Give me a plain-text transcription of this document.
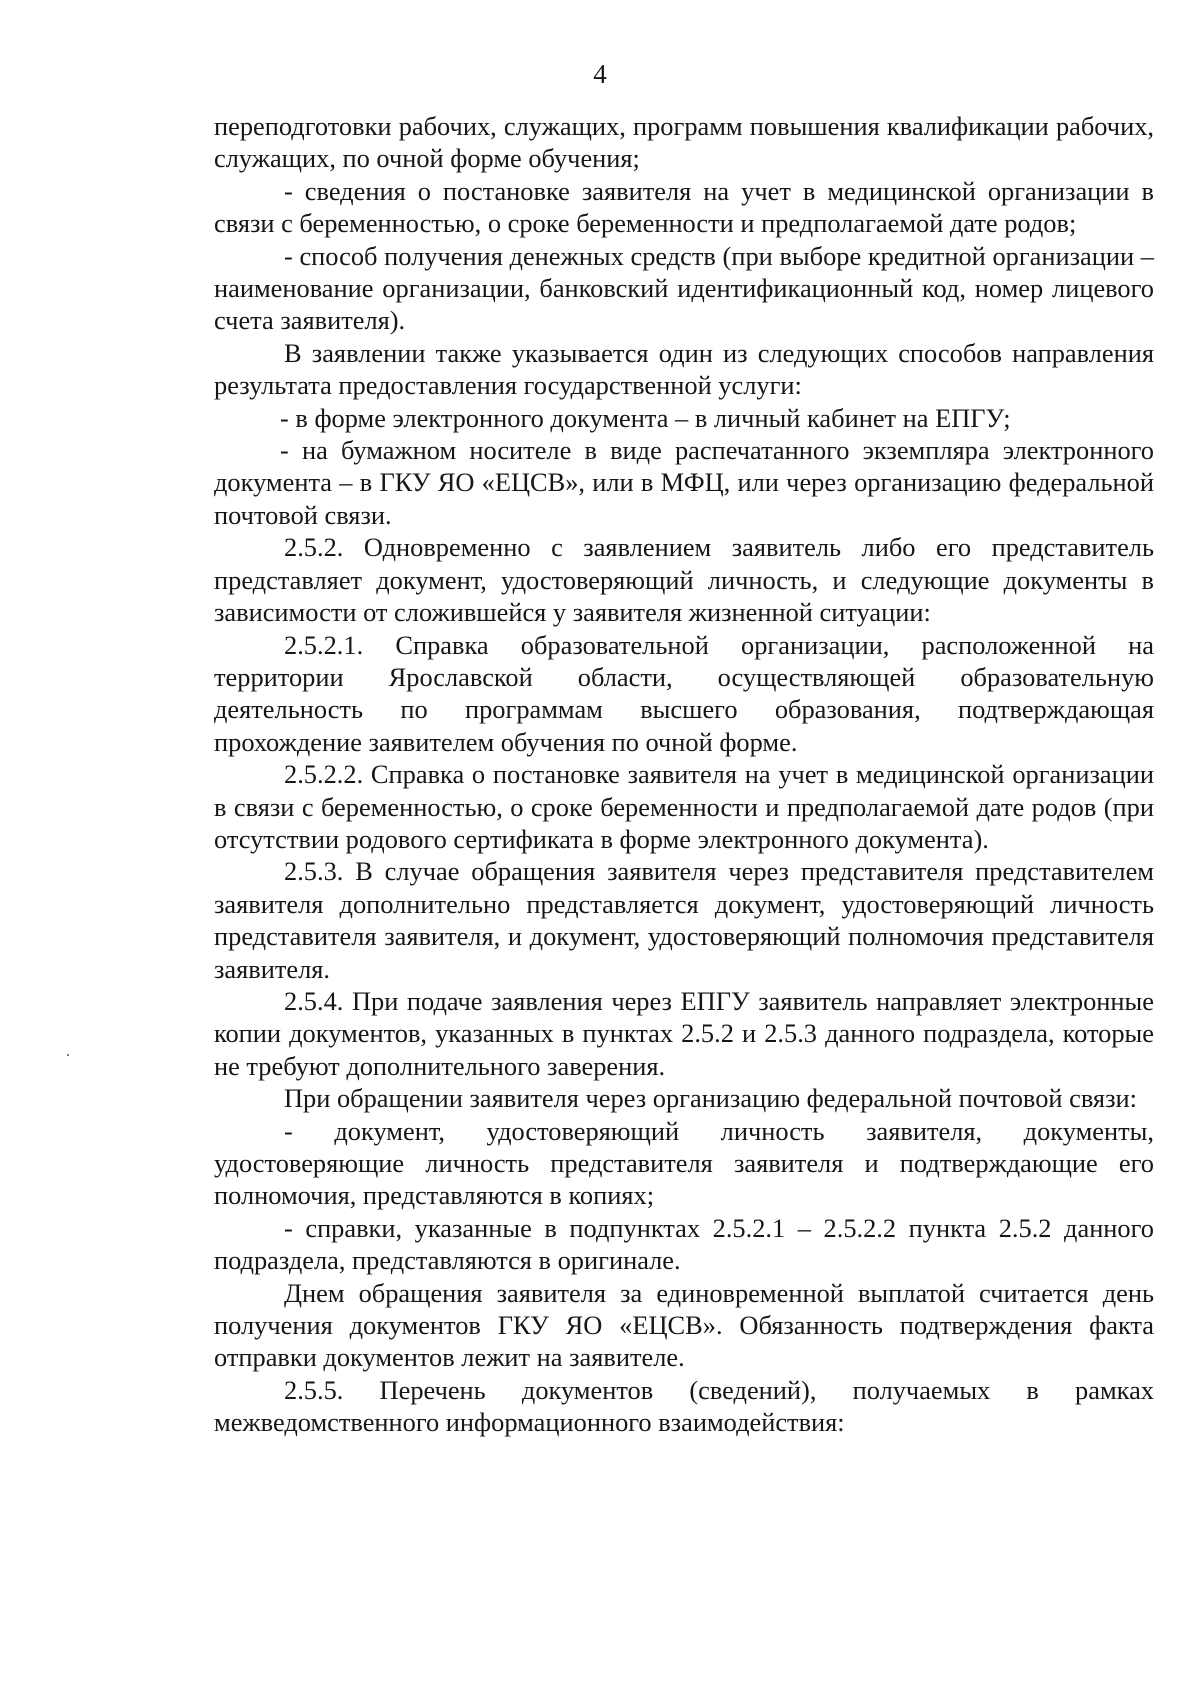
4

переподготовки рабочих, служащих, программ повышения квалификации рабочих, служащих, по очной форме обучения;

- сведения о постановке заявителя на учет в медицинской организации в связи с беременностью, о сроке беременности и предполагаемой дате родов;

- способ получения денежных средств (при выборе кредитной организации – наименование организации, банковский идентификационный код, номер лицевого счета заявителя).

В заявлении также указывается один из следующих способов направления результата предоставления государственной услуги:

- в форме электронного документа – в личный кабинет на ЕПГУ;

- на бумажном носителе в виде распечатанного экземпляра электронного документа – в ГКУ ЯО «ЕЦСВ», или в МФЦ, или через организацию федеральной почтовой связи.

2.5.2. Одновременно с заявлением заявитель либо его представитель представляет документ, удостоверяющий личность, и следующие документы в зависимости от сложившейся у заявителя жизненной ситуации:

2.5.2.1. Справка образовательной организации, расположенной на территории Ярославской области, осуществляющей образовательную деятельность по программам высшего образования, подтверждающая прохождение заявителем обучения по очной форме.

2.5.2.2. Справка о постановке заявителя на учет в медицинской организации в связи с беременностью, о сроке беременности и предполагаемой дате родов (при отсутствии родового сертификата в форме электронного документа).

2.5.3. В случае обращения заявителя через представителя представителем заявителя дополнительно представляется документ, удостоверяющий личность представителя заявителя, и документ, удостоверяющий полномочия представителя заявителя.

2.5.4. При подаче заявления через ЕПГУ заявитель направляет электронные копии документов, указанных в пунктах 2.5.2 и 2.5.3 данного подраздела, которые не требуют дополнительного заверения.

При обращении заявителя через организацию федеральной почтовой связи:

- документ, удостоверяющий личность заявителя, документы, удостоверяющие личность представителя заявителя и подтверждающие его полномочия, представляются в копиях;

- справки, указанные в подпунктах 2.5.2.1 – 2.5.2.2 пункта 2.5.2 данного подраздела, представляются в оригинале.

Днем обращения заявителя за единовременной выплатой считается день получения документов ГКУ ЯО «ЕЦСВ». Обязанность подтверждения факта отправки документов лежит на заявителе.

2.5.5. Перечень документов (сведений), получаемых в рамках межведомственного информационного взаимодействия:
